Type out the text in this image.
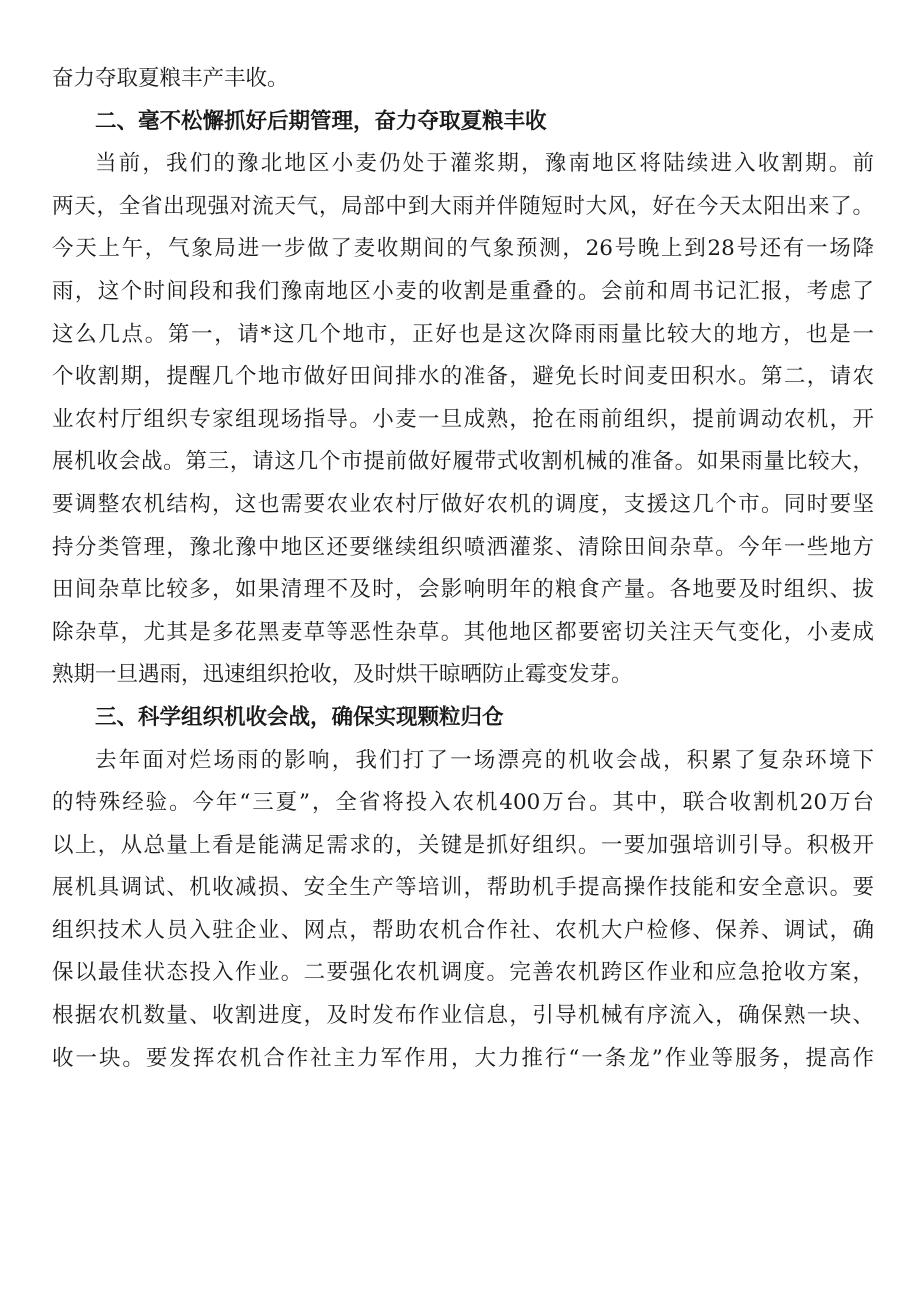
奋力夺取夏粮丰产丰收。
二、毫不松懈抓好后期管理，奋力夺取夏粮丰收
当前，我们的豫北地区小麦仍处于灌浆期，豫南地区将陆续进入收割期。前
两天，全省出现强对流天气，局部中到大雨并伴随短时大风，好在今天太阳出来了。
今天上午，气象局进一步做了麦收期间的气象预测，26号晚上到28号还有一场降
雨，这个时间段和我们豫南地区小麦的收割是重叠的。会前和周书记汇报，考虑了
这么几点。第一，请*这几个地市，正好也是这次降雨雨量比较大的地方，也是一
个收割期，提醒几个地市做好田间排水的准备，避免长时间麦田积水。第二，请农
业农村厅组织专家组现场指导。小麦一旦成熟，抢在雨前组织，提前调动农机，开
展机收会战。第三，请这几个市提前做好履带式收割机械的准备。如果雨量比较大，
要调整农机结构，这也需要农业农村厅做好农机的调度，支援这几个市。同时要坚
持分类管理，豫北豫中地区还要继续组织喷洒灌浆、清除田间杂草。今年一些地方
田间杂草比较多，如果清理不及时，会影响明年的粮食产量。各地要及时组织、拔
除杂草，尤其是多花黑麦草等恶性杂草。其他地区都要密切关注天气变化，小麦成
熟期一旦遇雨，迅速组织抢收，及时烘干晾晒防止霉变发芽。
三、科学组织机收会战，确保实现颗粒归仓
去年面对烂场雨的影响，我们打了一场漂亮的机收会战，积累了复杂环境下
的特殊经验。今年“三夏”，全省将投入农机400万台。其中，联合收割机20万台
以上，从总量上看是能满足需求的，关键是抓好组织。一要加强培训引导。积极开
展机具调试、机收减损、安全生产等培训，帮助机手提高操作技能和安全意识。要
组织技术人员入驻企业、网点，帮助农机合作社、农机大户检修、保养、调试，确
保以最佳状态投入作业。二要强化农机调度。完善农机跨区作业和应急抢收方案，
根据农机数量、收割进度，及时发布作业信息，引导机械有序流入，确保熟一块、
收一块。要发挥农机合作社主力军作用，大力推行“一条龙”作业等服务，提高作
